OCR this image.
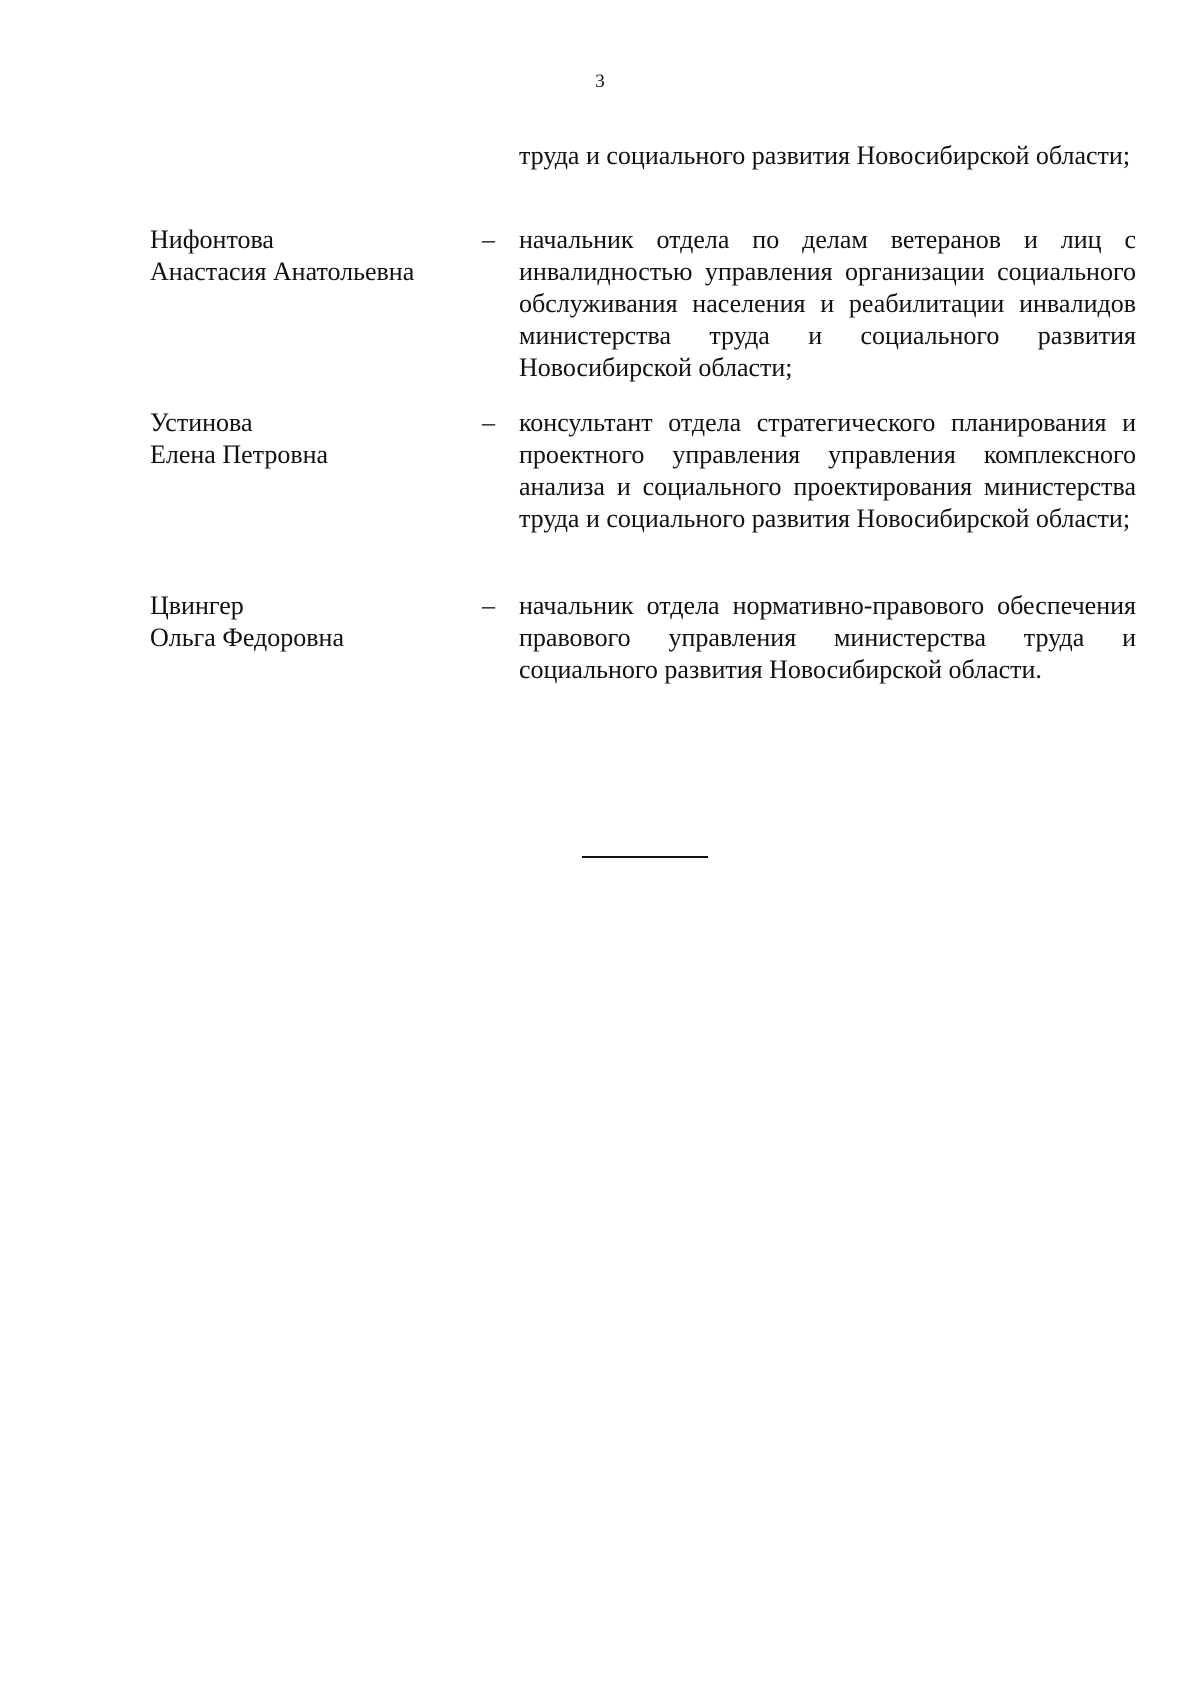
3
труда и социального развития Новосибирской области;
Нифонтова
Анастасия Анатольевна
– начальник отдела по делам ветеранов и лиц с инвалидностью управления организации социального обслуживания населения и реабилитации инвалидов министерства труда и социального развития Новосибирской области;
Устинова
Елена Петровна
– консультант отдела стратегического планирования и проектного управления управления комплексного анализа и социального проектирования министерства труда и социального развития Новосибирской области;
Цвингер
Ольга Федоровна
– начальник отдела нормативно-правового обеспечения правового управления министерства труда и социального развития Новосибирской области.
